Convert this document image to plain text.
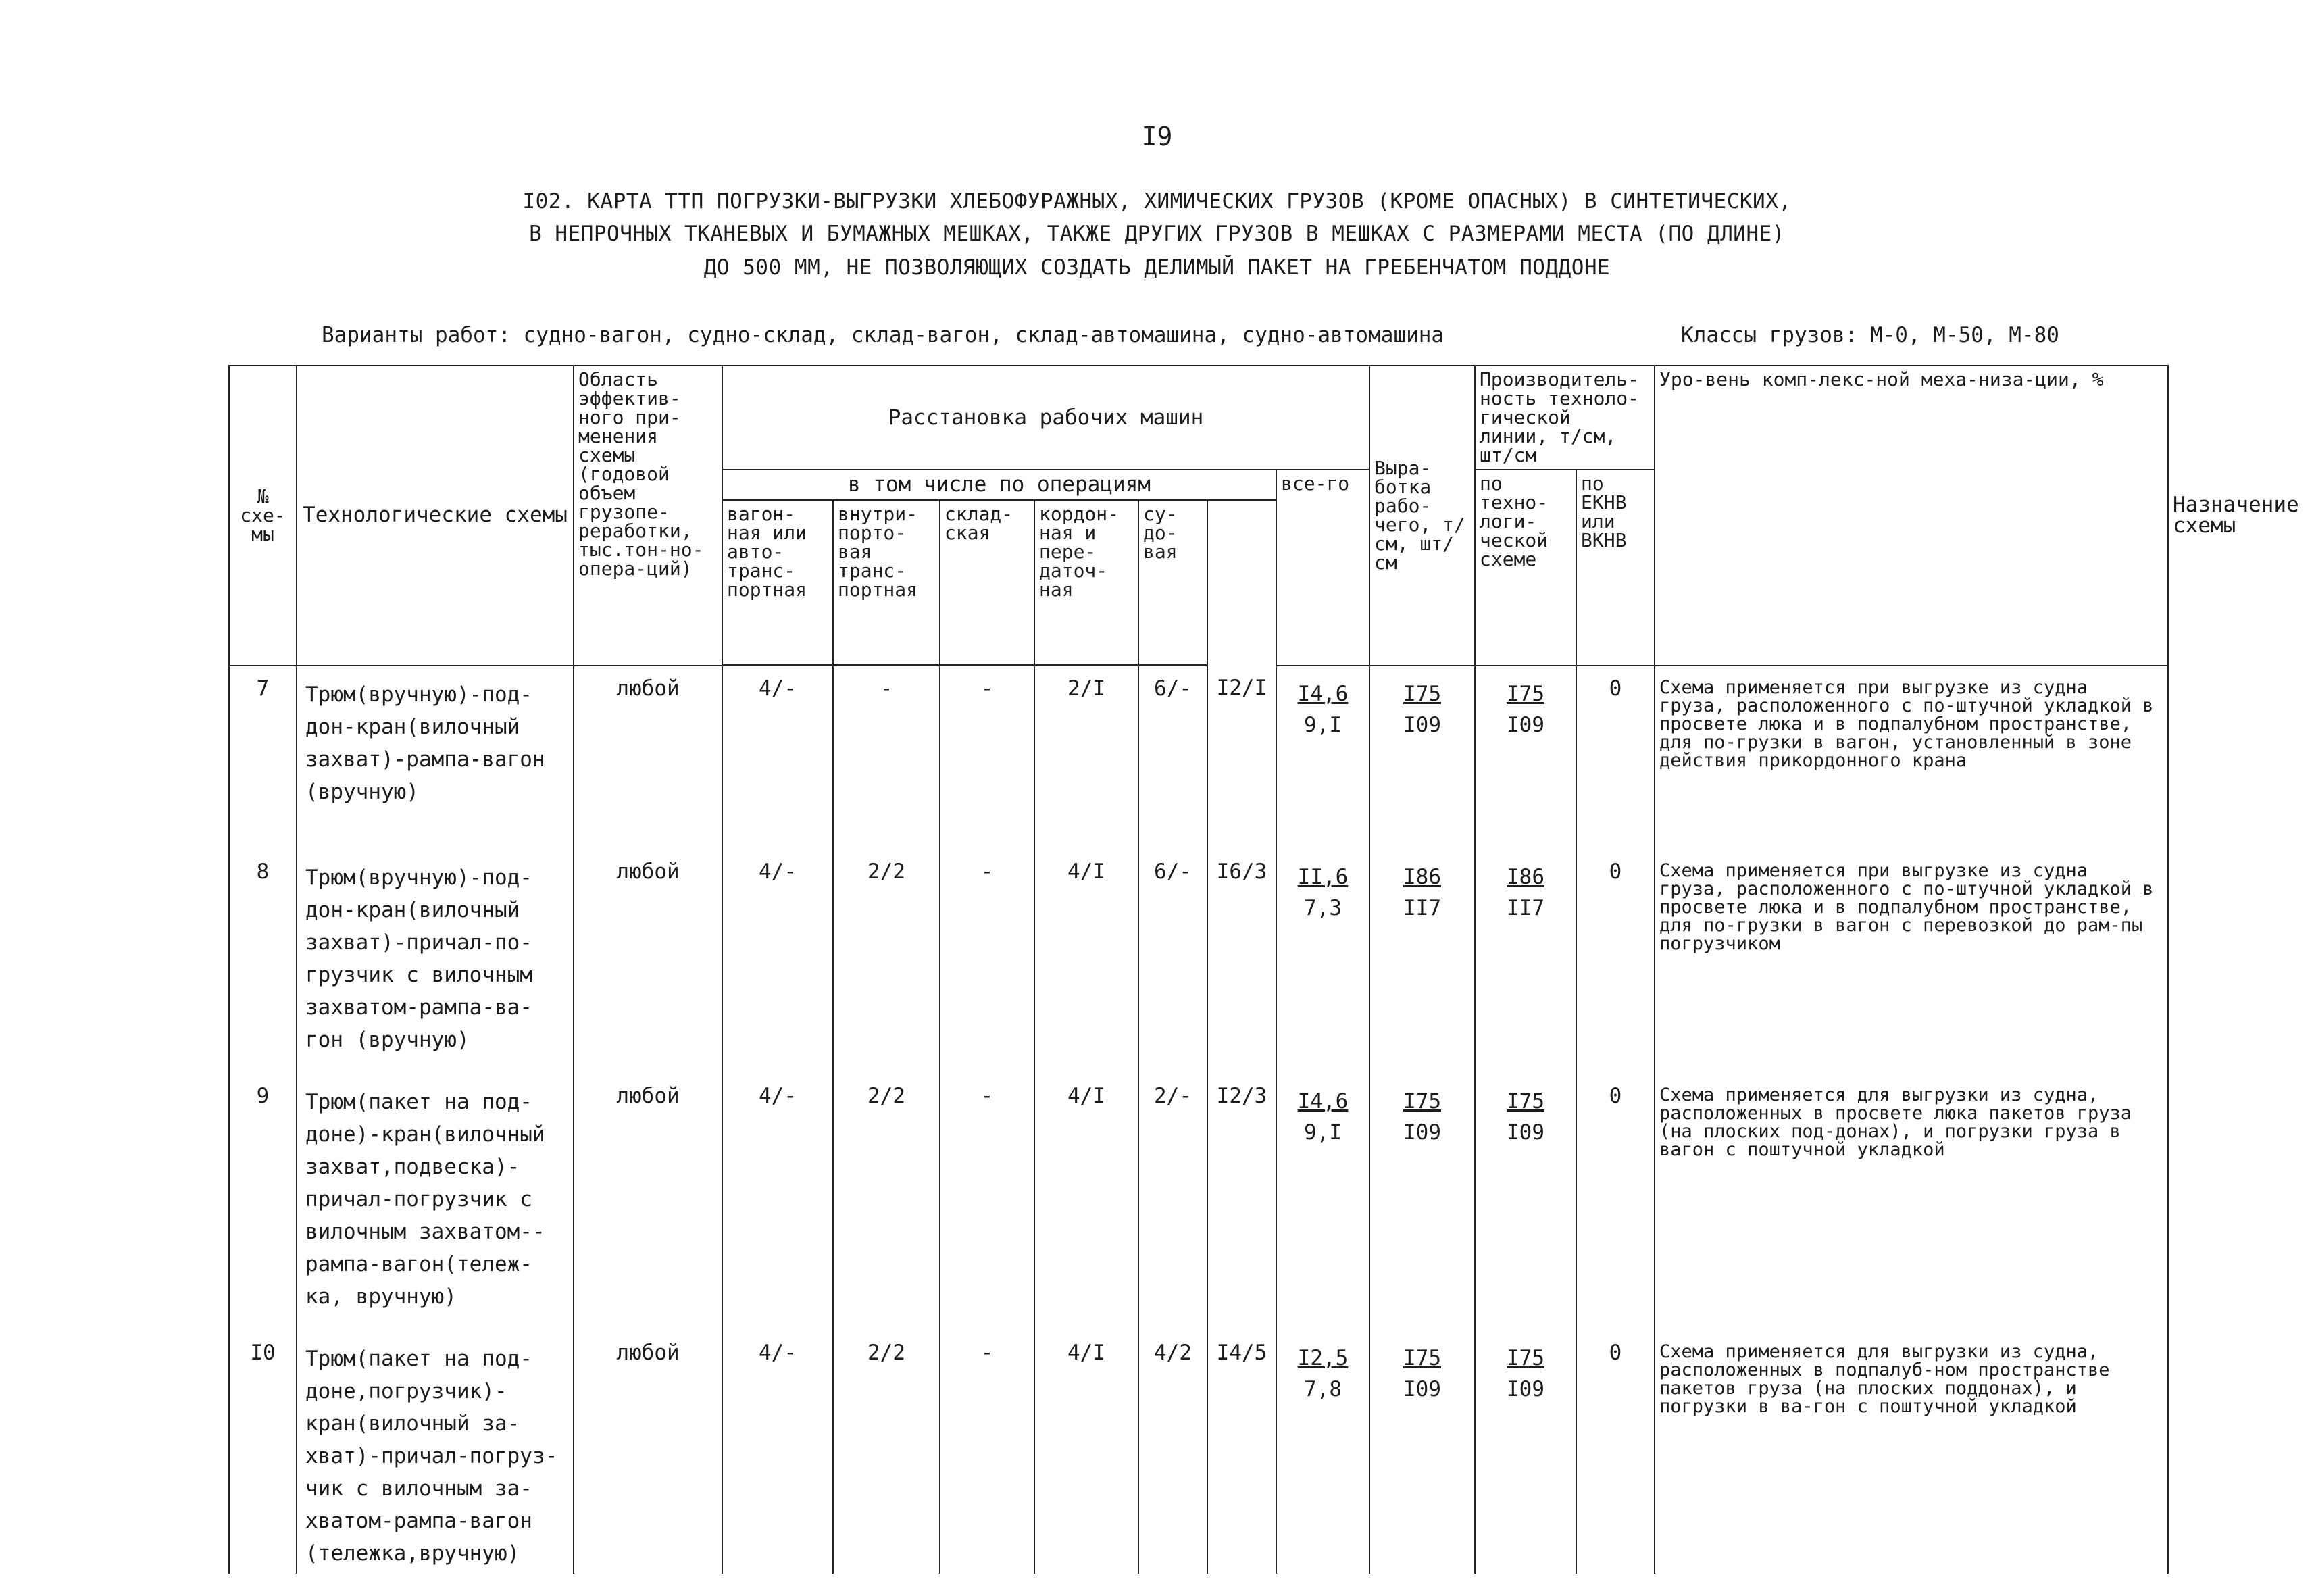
I9
I02. КАРТА ТТП ПОГРУЗКИ-ВЫГРУЗКИ ХЛЕБОФУРАЖНЫХ, ХИМИЧЕСКИХ ГРУЗОВ (КРОМЕ ОПАСНЫХ) В СИНТЕТИЧЕСКИХ,
В НЕПРОЧНЫХ ТКАНЕВЫХ И БУМАЖНЫХ МЕШКАХ, ТАКЖЕ ДРУГИХ ГРУЗОВ В МЕШКАХ С РАЗМЕРАМИ МЕСТА (ПО ДЛИНЕ)
ДО 500 ММ, НЕ ПОЗВОЛЯЮЩИХ СОЗДАТЬ ДЕЛИМЫЙ ПАКЕТ НА ГРЕБЕНЧАТОМ ПОДДОНЕ
Варианты работ: судно-вагон, судно-склад, склад-вагон, склад-автомашина, судно-автомашина	Классы грузов: М-0, М-50, М-80
№ схе-мы	Технологические схемы	Область эффектив-ного при-менения схемы (годовой объем грузопе-реработки, тыс.тон-но-опера-ций)	Расстановка рабочих машин							Выра-ботка рабо-чего, т/см, шт/см	Производитель-ность техноло-гической линии, т/см, шт/см		Уро-вень комп-лекс-ной меха-низа-ции, %	Назначение схемы
			в том числе по операциям						все-го		по техно-логи-ческой схеме	по ЕКНВ или ВКНВ		
			вагон-ная или авто-транс-портная	внутри-порто-вая транс-портная	склад-ская	кордон-ная и пере-даточ-ная	су-до-вая							
7	Трюм(вручную)-под-дон-кран(вилочный захват)-рампа-вагон (вручную)	любой	4/-	-	-	2/I	6/-	I2/I	$\frac{I4,6}{9,I}$	$\frac{I75}{I09}$	$\frac{I75}{I09}$	0	Схема применяется при выгрузке из судна груза, расположенного с по-штучной укладкой в просвете люка и в подпалубном пространстве, для по-грузки в вагон, установленный в зоне действия прикордонного крана	
8	Трюм(вручную)-под-дон-кран(вилочный захват)-причал-по-грузчик с вилочным захватом-рампа-ва-гон (вручную)	любой	4/-	2/2	-	4/I	6/-	I6/3	$\frac{II,6}{7,3}$	$\frac{I86}{II7}$	$\frac{I86}{II7}$	0	Схема применяется при выгрузке из судна груза, расположенного с по-штучной укладкой в просвете люка и в подпалубном пространстве, для по-грузки в вагон с перевозкой до рам-пы погрузчиком	
9	Трюм(пакет на под-доне)-кран(вилочный захват,подвеска)-причал-погрузчик с вилочным захватом--рампа-вагон(тележ-ка, вручную)	любой	4/-	2/2	-	4/I	2/-	I2/3	$\frac{I4,6}{9,I}$	$\frac{I75}{I09}$	$\frac{I75}{I09}$	0	Схема применяется для выгрузки из судна, расположенных в просвете люка пакетов груза (на плоских под-донах), и погрузки груза в вагон с поштучной укладкой	
I0	Трюм(пакет на под-доне,погрузчик)-кран(вилочный за-хват)-причал-погруз-чик с вилочным за-хватом-рампа-вагон (тележка,вручную)	любой	4/-	2/2	-	4/I	4/2	I4/5	$\frac{I2,5}{7,8}$	$\frac{I75}{I09}$	$\frac{I75}{I09}$	0	Схема применяется для выгрузки из судна, расположенных в подпалуб-ном пространстве пакетов груза (на плоских поддонах), и погрузки в ва-гон с поштучной укладкой	
